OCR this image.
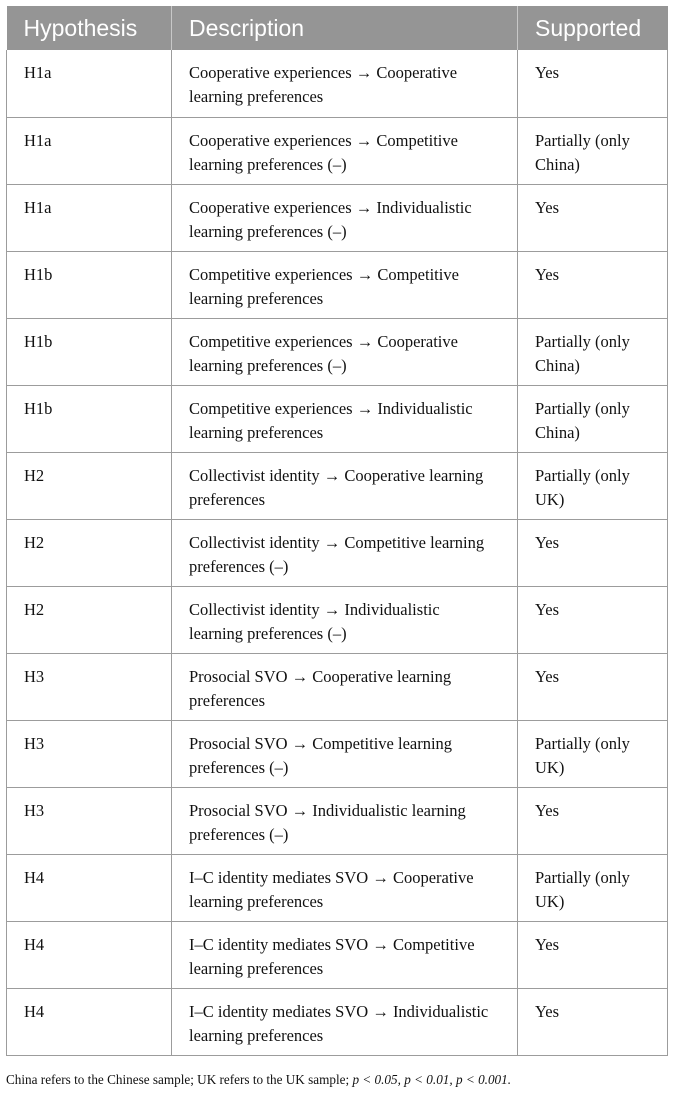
Hypothesis	Description	Supported
H1a	Cooperative experiences → Cooperative learning preferences	Yes
H1a	Cooperative experiences → Competitive learning preferences (–)	Partially (only China)
H1a	Cooperative experiences → Individualistic learning preferences (–)	Yes
H1b	Competitive experiences → Competitive learning preferences	Yes
H1b	Competitive experiences → Cooperative learning preferences (–)	Partially (only China)
H1b	Competitive experiences → Individualistic learning preferences	Partially (only China)
H2	Collectivist identity → Cooperative learning preferences	Partially (only UK)
H2	Collectivist identity → Competitive learning preferences (–)	Yes
H2	Collectivist identity → Individualistic learning preferences (–)	Yes
H3	Prosocial SVO → Cooperative learning preferences	Yes
H3	Prosocial SVO → Competitive learning preferences (–)	Partially (only UK)
H3	Prosocial SVO → Individualistic learning preferences (–)	Yes
H4	I–C identity mediates SVO → Cooperative learning preferences	Partially (only UK)
H4	I–C identity mediates SVO → Competitive learning preferences	Yes
H4	I–C identity mediates SVO → Individualistic learning preferences	Yes
China refers to the Chinese sample; UK refers to the UK sample; p < 0.05, p < 0.01, p < 0.001.
